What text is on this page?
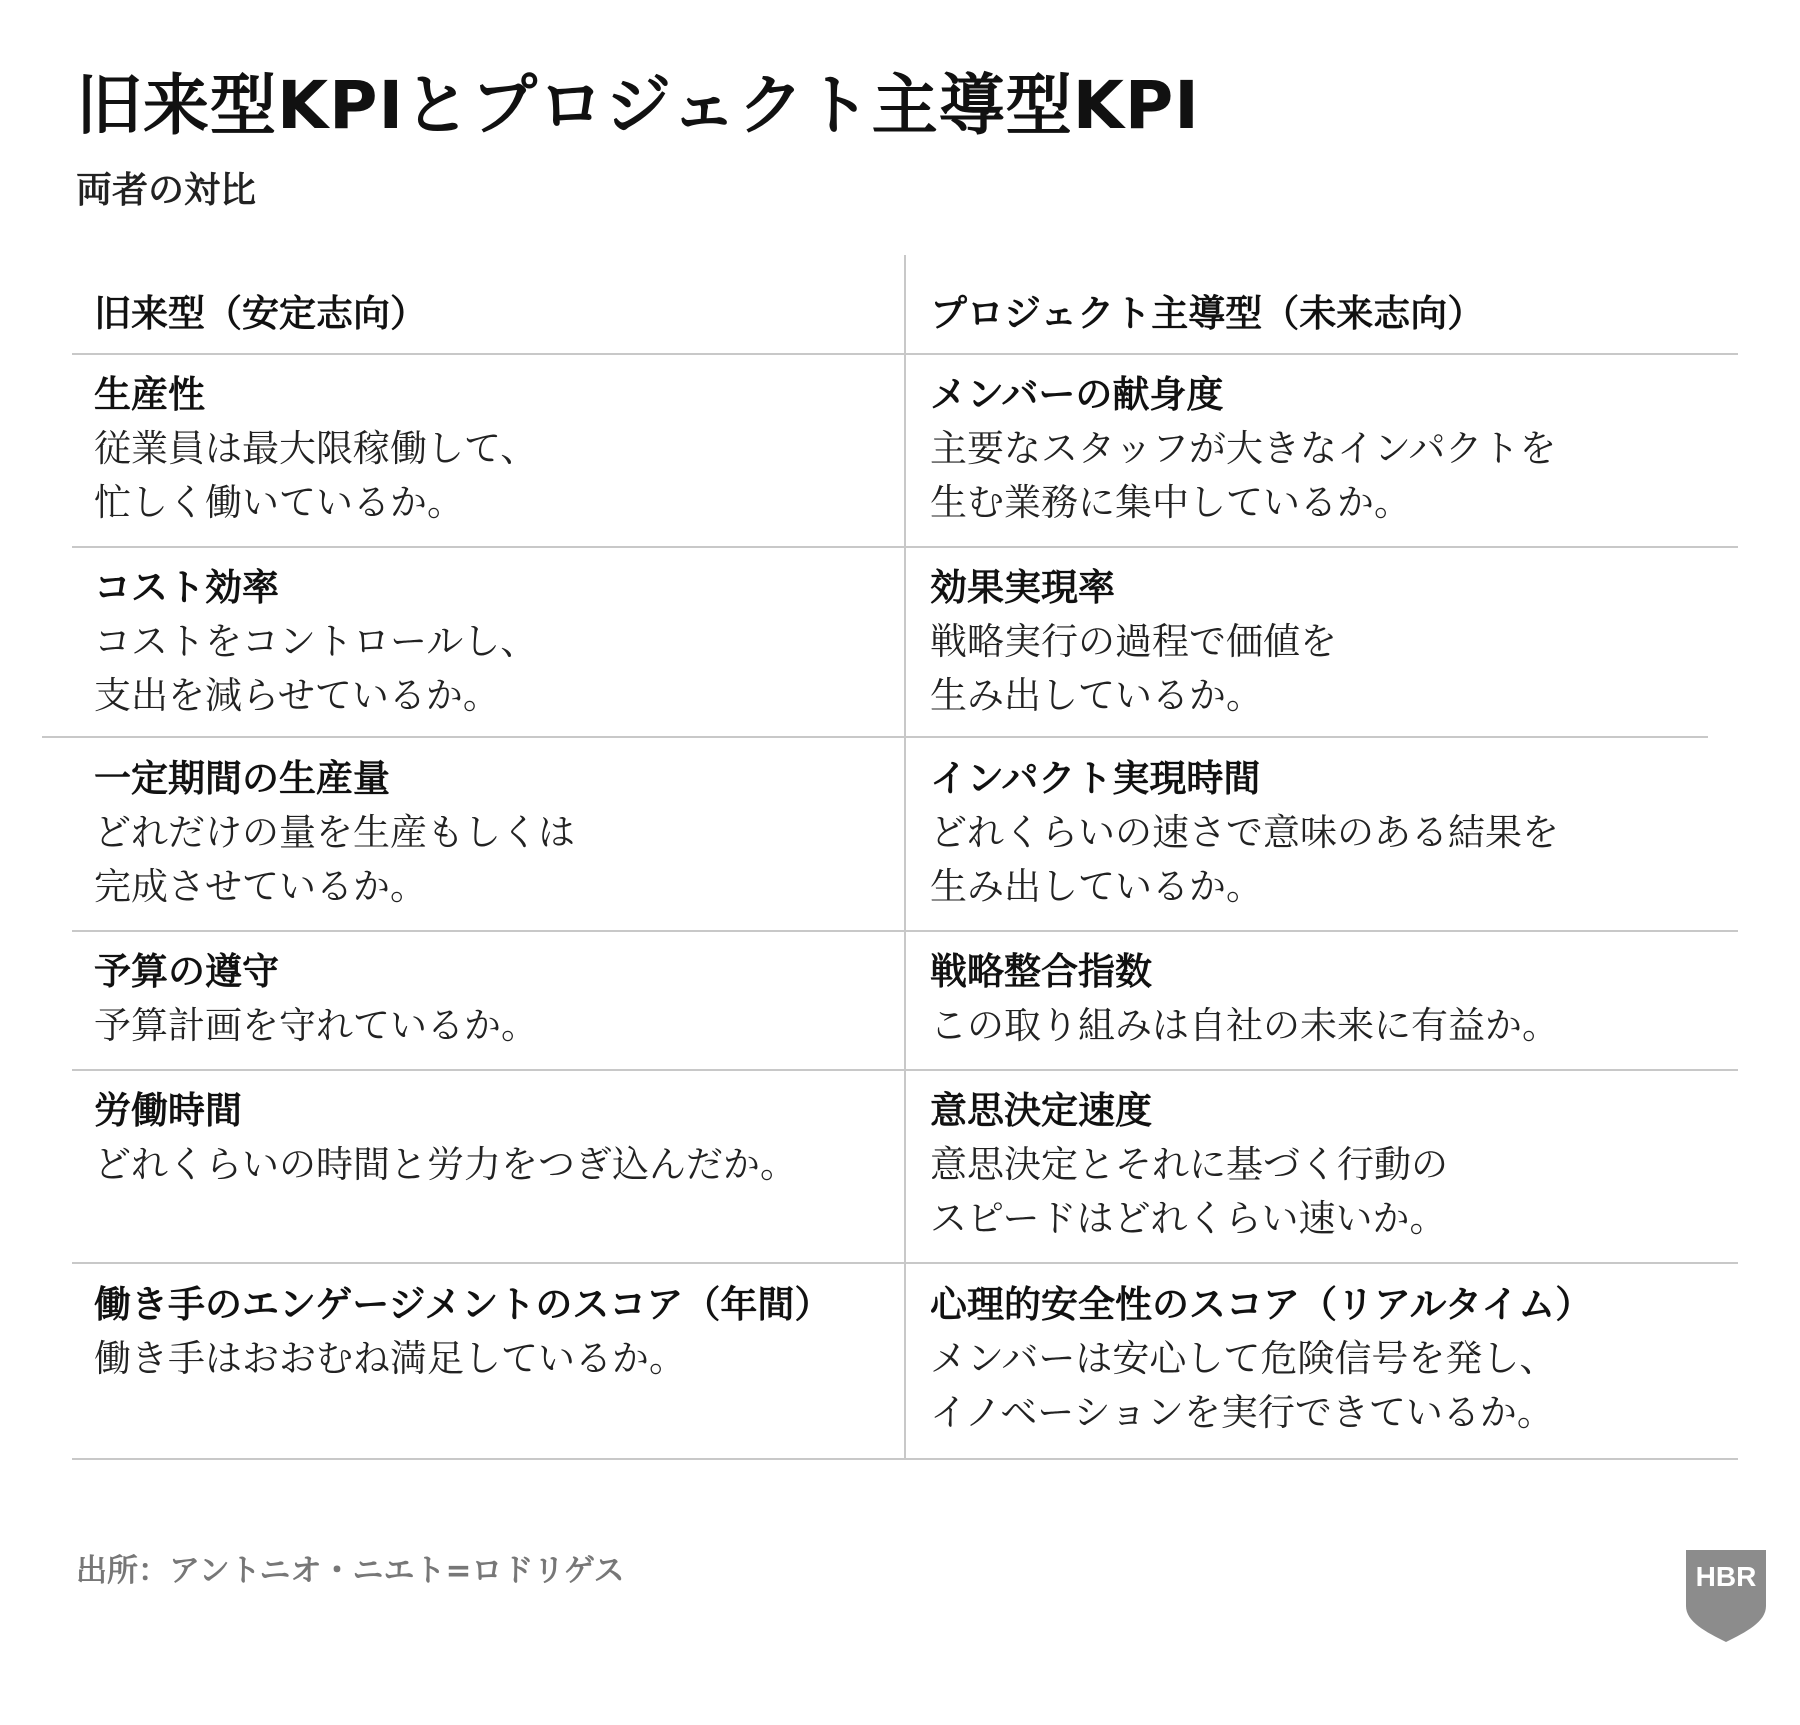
旧来型KPIとプロジェクト主導型KPI
両者の対比
旧来型（安定志向）	プロジェクト主導型（未来志向）
生産性
従業員は最大限稼働して、
忙しく働いているか。
メンバーの献身度
主要なスタッフが大きなインパクトを
生む業務に集中しているか。
コスト効率
コストをコントロールし、
支出を減らせているか。
効果実現率
戦略実行の過程で価値を
生み出しているか。
一定期間の生産量
どれだけの量を生産もしくは
完成させているか。
インパクト実現時間
どれくらいの速さで意味のある結果を
生み出しているか。
予算の遵守
予算計画を守れているか。
戦略整合指数
この取り組みは自社の未来に有益か。
労働時間
どれくらいの時間と労力をつぎ込んだか。
意思決定速度
意思決定とそれに基づく行動の
スピードはどれくらい速いか。
働き手のエンゲージメントのスコア（年間）
働き手はおおむね満足しているか。
心理的安全性のスコア（リアルタイム）
メンバーは安心して危険信号を発し、
イノベーションを実行できているか。
出所：アントニオ・ニエト=ロドリゲス	HBR
